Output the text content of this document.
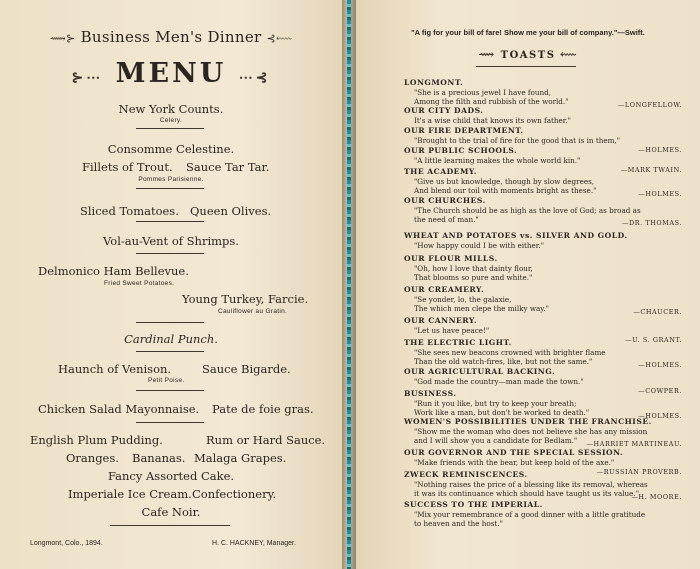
⟿⊱ Business Men's Dinner ⊰⬳
⊱⋯ MENU ⋯⊰
New York Counts.
Celery.
Consomme Celestine.
Fillets of Trout. Sauce Tar Tar.
Pommes Parisienne.
Sliced Tomatoes. Queen Olives.
Vol-au-Vent of Shrimps.
Delmonico Ham Bellevue.
Fried Sweet Potatoes.
Young Turkey, Farcie.
Cauliflower au Gratin.
Cardinal Punch.
Haunch of Venison.	Sauce Bigarde.
Petit Poise.
Chicken Salad Mayonnaise. Pate de foie gras.
English Plum Pudding.	Rum or Hard Sauce.
Oranges. Bananas. Malaga Grapes.
Fancy Assorted Cake.
Imperiale Ice Cream. Confectionery.
Cafe Noir.
Longmont, Colo., 1894.	H. C. HACKNEY, Manager.
"A fig for your bill of fare! Show me your bill of company."—Swift.
⟿ TOASTS ⬳
LONGMONT.
"She is a precious jewel I have found,
Among the filth and rubbish of the world."	—LONGFELLOW.
OUR CITY DADS.
It's a wise child that knows its own father."
OUR FIRE DEPARTMENT.
"Brought to the trial of fire for the good that is in them,"
—HOLMES.
OUR PUBLIC SCHOOLS.
"A little learning makes the whole world kin."
—MARK TWAIN.
THE ACADEMY.
"Give us but knowledge, though by slow degrees,
And blend our toil with moments bright as these."	—HOLMES.
OUR CHURCHES.
"The Church should be as high as the love of God; as broad as
the need of man."	—DR. THOMAS.
WHEAT AND POTATOES vs. SILVER AND GOLD.
"How happy could I be with either."
OUR FLOUR MILLS.
"Oh, how I love that dainty flour,
That blooms so pure and white."
OUR CREAMERY.
"Se yonder, lo, the galaxie,
The which men clepe the milky way."	—CHAUCER.
OUR CANNERY.
"Let us have peace!"
—U. S. GRANT.
THE ELECTRIC LIGHT.
"She sees new beacons crowned with brighter flame
Than the old watch-fires, like, but not the same."	—HOLMES.
OUR AGRICULTURAL BACKING.
"God made the country—man made the town."
—COWPER.
BUSINESS.
"Run it you like, but try to keep your breath;
Work like a man, but don't be worked to death."	—HOLMES.
WOMEN'S POSSIBILITIES UNDER THE FRANCHISE.
"Show me the woman who does not believe she has any mission
and I will show you a candidate for Bedlam." —HARRIET MARTINEAU.
OUR GOVERNOR AND THE SPECIAL SESSION.
"Make friends with the bear, but keep hold of the axe."
—RUSSIAN PROVERB.
ZWECK REMINISCENCES.
"Nothing raises the price of a blessing like its removal, whereas
it was its continuance which should have taught us its value."
—H. MOORE.
SUCCESS TO THE IMPERIAL.
"Mix your remembrance of a good dinner with a little gratitude
to heaven and the host."
